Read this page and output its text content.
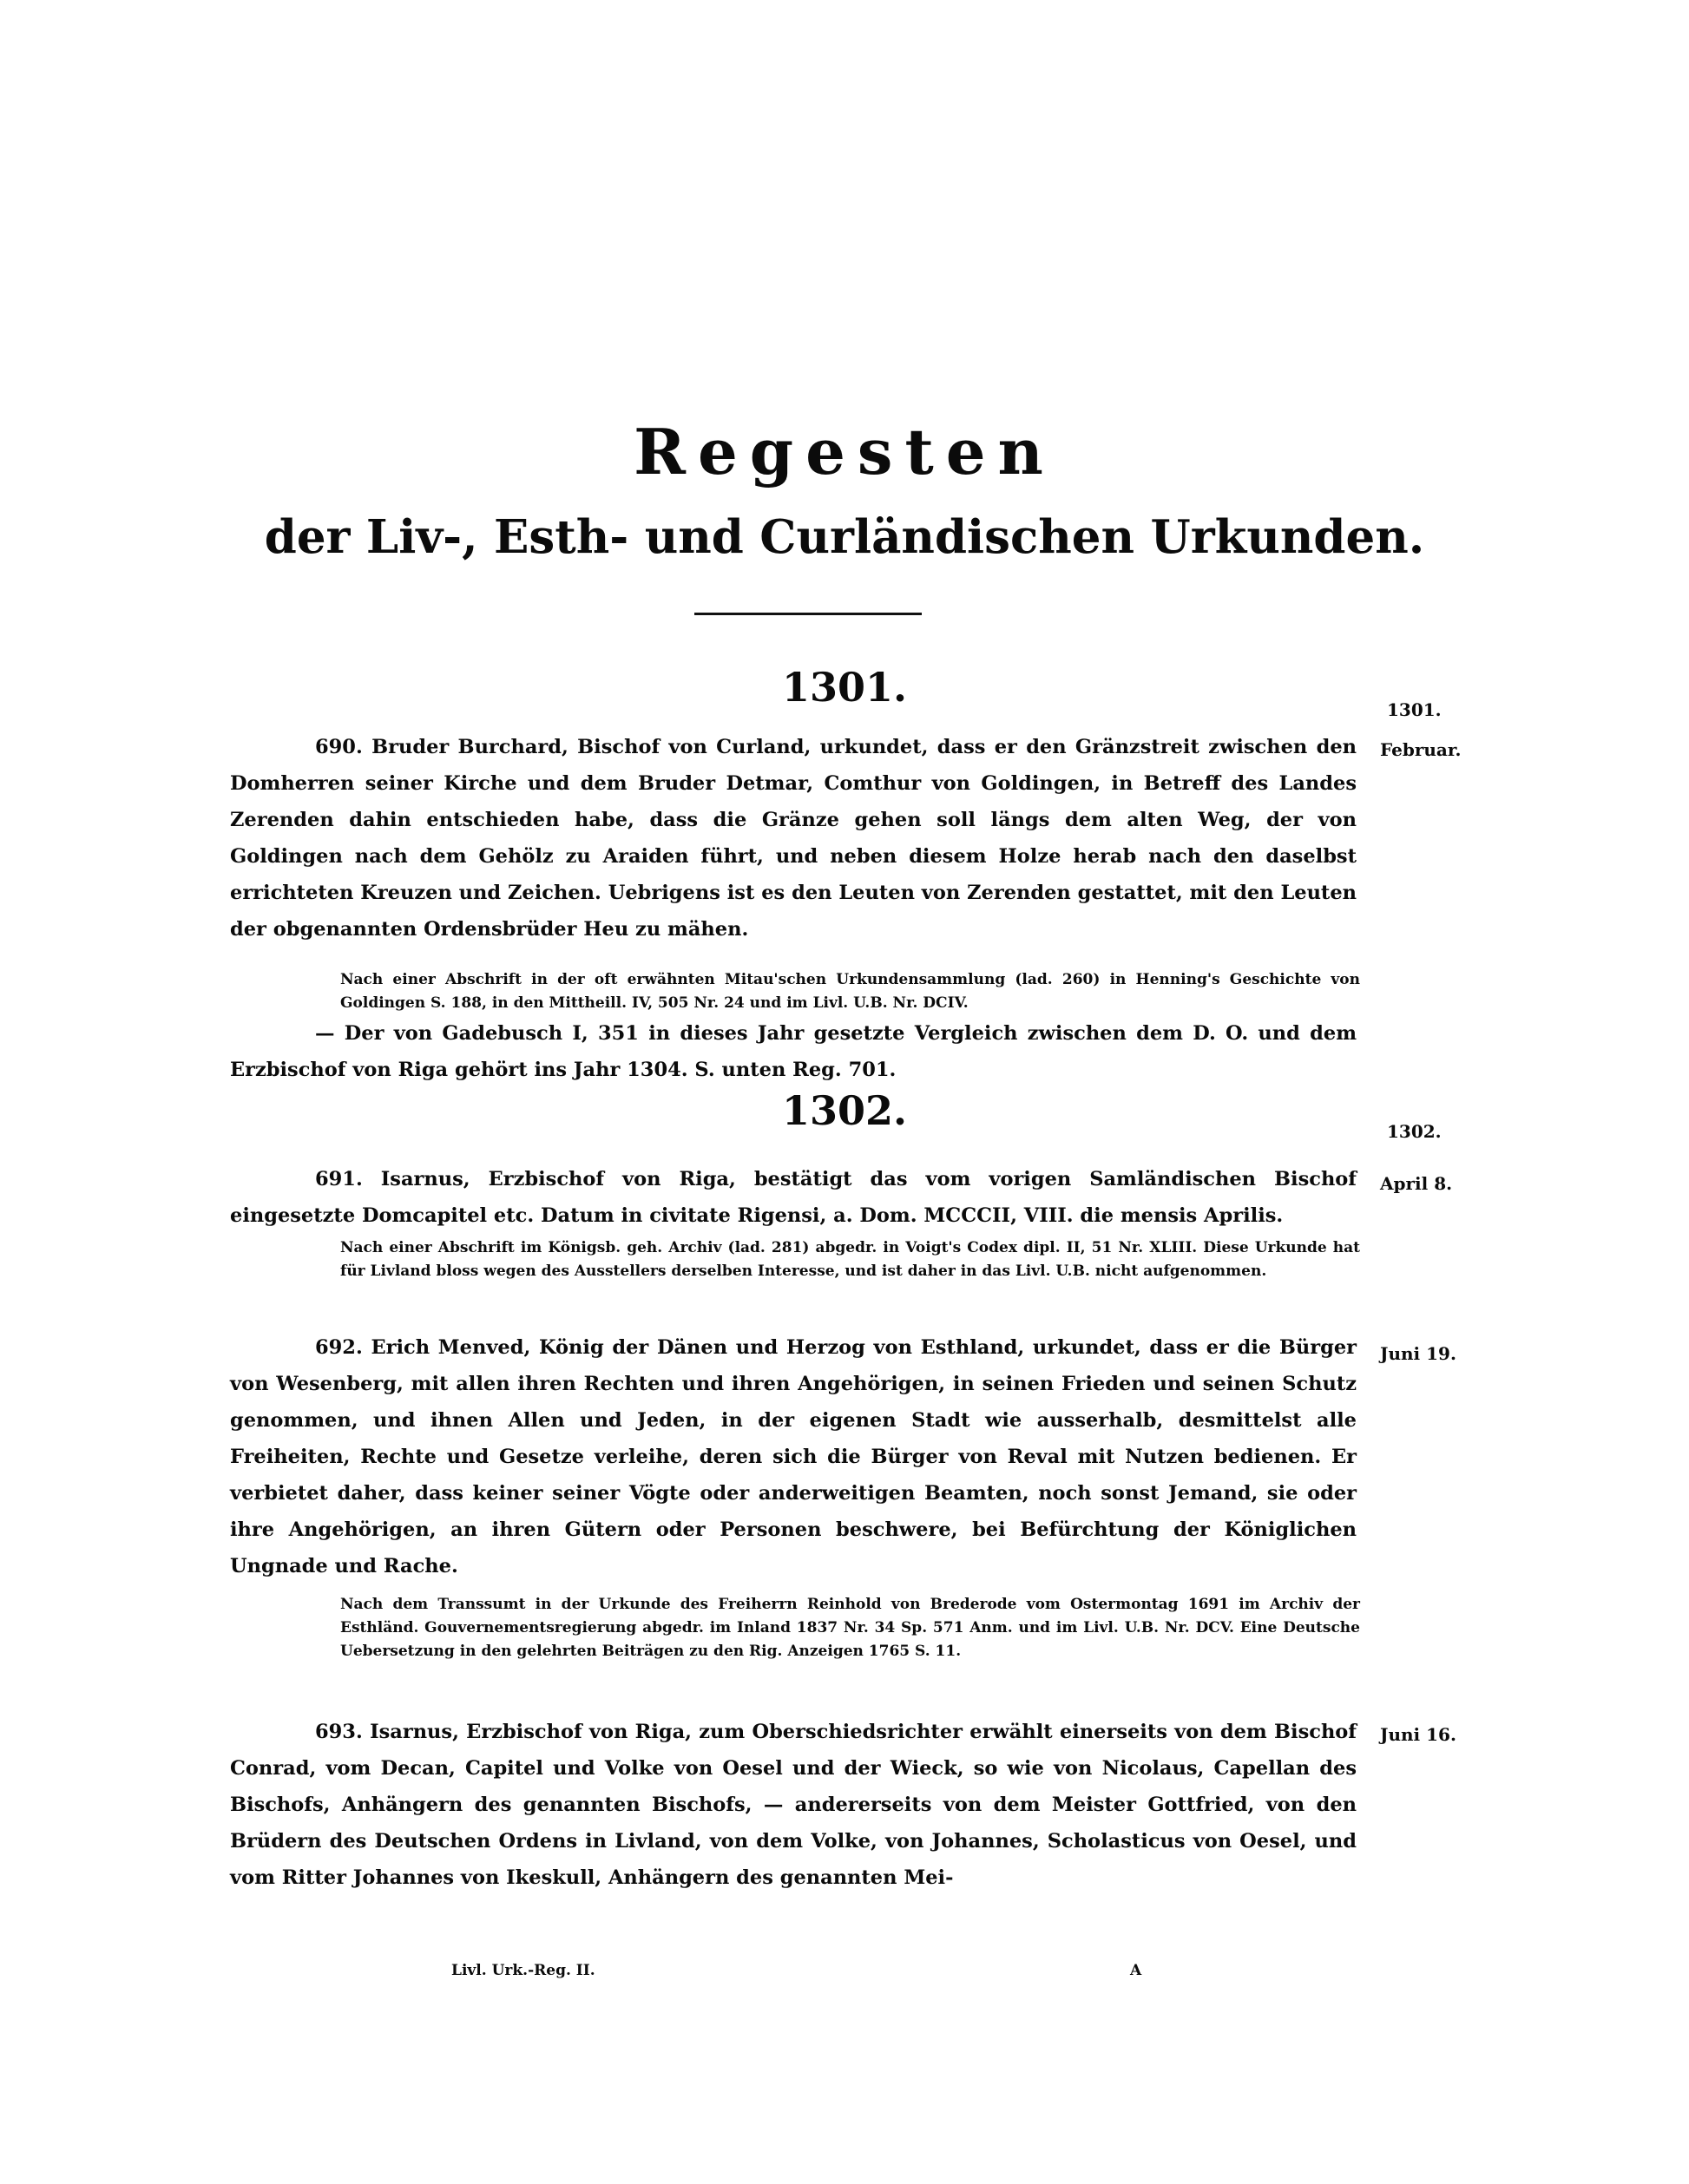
Regesten
der Liv-, Esth- und Curländischen Urkunden.
1301.	1301.
Februar.
690. Bruder Burchard, Bischof von Curland, urkundet, dass er den Gränzstreit zwischen den Domherren seiner Kirche und dem Bruder Detmar, Comthur von Goldingen, in Betreff des Landes Zerenden dahin entschieden habe, dass die Gränze gehen soll längs dem alten Weg, der von Goldingen nach dem Gehölz zu Araiden führt, und neben diesem Holze herab nach den daselbst errichteten Kreuzen und Zeichen. Uebrigens ist es den Leuten von Zerenden gestattet, mit den Leuten der obgenannten Ordensbrüder Heu zu mähen.
Nach einer Abschrift in der oft erwähnten Mitau'schen Urkundensammlung (lad. 260) in Henning's Geschichte von Goldingen S. 188, in den Mittheill. IV, 505 Nr. 24 und im Livl. U.B. Nr. DCIV.
— Der von Gadebusch I, 351 in dieses Jahr gesetzte Vergleich zwischen dem D. O. und dem Erzbischof von Riga gehört ins Jahr 1304. S. unten Reg. 701.
1302.	1302.
April 8.
691. Isarnus, Erzbischof von Riga, bestätigt das vom vorigen Samländischen Bischof eingesetzte Domcapitel etc. Datum in civitate Rigensi, a. Dom. MCCCII, VIII. die mensis Aprilis.
Nach einer Abschrift im Königsb. geh. Archiv (lad. 281) abgedr. in Voigt's Codex dipl. II, 51 Nr. XLIII. Diese Urkunde hat für Livland bloss wegen des Ausstellers derselben Interesse, und ist daher in das Livl. U.B. nicht aufgenommen.
Juni 19.
692. Erich Menved, König der Dänen und Herzog von Esthland, urkundet, dass er die Bürger von Wesenberg, mit allen ihren Rechten und ihren Angehörigen, in seinen Frieden und seinen Schutz genommen, und ihnen Allen und Jeden, in der eigenen Stadt wie ausserhalb, desmittelst alle Freiheiten, Rechte und Gesetze verleihe, deren sich die Bürger von Reval mit Nutzen bedienen. Er verbietet daher, dass keiner seiner Vögte oder anderweitigen Beamten, noch sonst Jemand, sie oder ihre Angehörigen, an ihren Gütern oder Personen beschwere, bei Befürchtung der Königlichen Ungnade und Rache.
Nach dem Transsumt in der Urkunde des Freiherrn Reinhold von Brederode vom Ostermontag 1691 im Archiv der Esthländ. Gouvernementsregierung abgedr. im Inland 1837 Nr. 34 Sp. 571 Anm. und im Livl. U.B. Nr. DCV. Eine Deutsche Uebersetzung in den gelehrten Beiträgen zu den Rig. Anzeigen 1765 S. 11.
Juni 16.
693. Isarnus, Erzbischof von Riga, zum Oberschiedsrichter erwählt einerseits von dem Bischof Conrad, vom Decan, Capitel und Volke von Oesel und der Wieck, so wie von Nicolaus, Capellan des Bischofs, Anhängern des genannten Bischofs, — andererseits von dem Meister Gottfried, von den Brüdern des Deutschen Ordens in Livland, von dem Volke, von Johannes, Scholasticus von Oesel, und vom Ritter Johannes von Ikeskull, Anhängern des genannten Mei-
Livl. Urk.-Reg. II.	A
